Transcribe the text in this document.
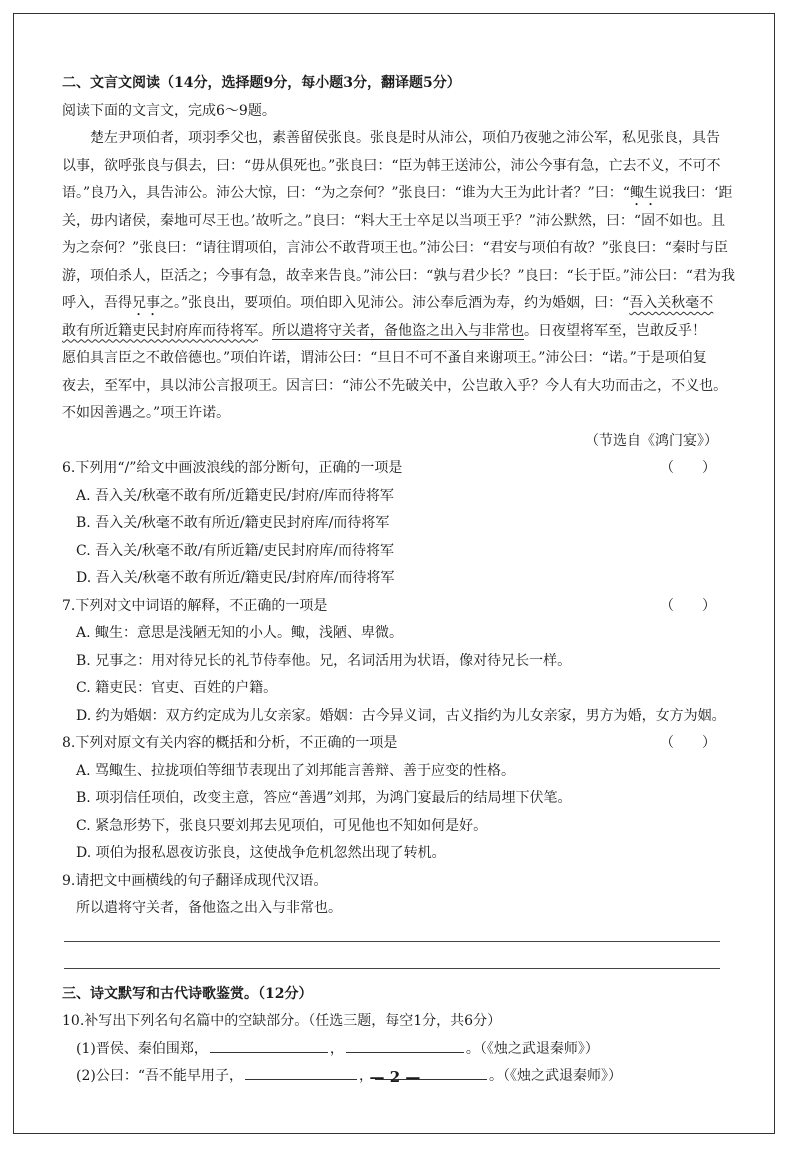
二、文言文阅读（14分，选择题9分，每小题3分，翻译题5分）
阅读下面的文言文，完成6～9题。
楚左尹项伯者，项羽季父也，素善留侯张良。张良是时从沛公，项伯乃夜驰之沛公军，私见张良，具告
以事，欲呼张良与俱去，曰：“毋从俱死也。”张良曰：“臣为韩王送沛公，沛公今事有急，亡去不义，不可不
语。”良乃入，具告沛公。沛公大惊，曰：“为之奈何？”张良曰：“谁为大王为此计者？”曰：“鲰生说我曰：‘距
关，毋内诸侯，秦地可尽王也。’故听之。”良曰：“料大王士卒足以当项王乎？”沛公默然，曰：“固不如也。且
为之奈何？”张良曰：“请往谓项伯，言沛公不敢背项王也。”沛公曰：“君安与项伯有故？”张良曰：“秦时与臣
游，项伯杀人，臣活之；今事有急，故幸来告良。”沛公曰：“孰与君少长？”良曰：“长于臣。”沛公曰：“君为我
呼入，吾得兄事之。”张良出，要项伯。项伯即入见沛公。沛公奉卮酒为寿，约为婚姻，曰：“吾入关秋毫不
敢有所近籍吏民封府库而待将军。所以遣将守关者，备他盗之出入与非常也。日夜望将军至，岂敢反乎！
愿伯具言臣之不敢倍德也。”项伯许诺，谓沛公曰：“旦日不可不蚤自来谢项王。”沛公曰：“诺。”于是项伯复
夜去，至军中，具以沛公言报项王。因言曰：“沛公不先破关中，公岂敢入乎？今人有大功而击之，不义也。
不如因善遇之。”项王许诺。
（节选自《鸿门宴》）
6.下列用“/”给文中画波浪线的部分断句，正确的一项是	（　　）
A. 吾入关/秋毫不敢有所/近籍吏民/封府/库而待将军
B. 吾入关/秋毫不敢有所近/籍吏民封府库/而待将军
C. 吾入关/秋毫不敢/有所近籍/吏民封府库/而待将军
D. 吾入关/秋毫不敢有所近/籍吏民/封府库/而待将军
7.下列对文中词语的解释，不正确的一项是	（　　）
A. 鲰生：意思是浅陋无知的小人。鲰，浅陋、卑微。
B. 兄事之：用对待兄长的礼节侍奉他。兄，名词活用为状语，像对待兄长一样。
C. 籍吏民：官吏、百姓的户籍。
D. 约为婚姻：双方约定成为儿女亲家。婚姻：古今异义词，古义指约为儿女亲家，男方为婚，女方为姻。
8.下列对原文有关内容的概括和分析，不正确的一项是	（　　）
A. 骂鲰生、拉拢项伯等细节表现出了刘邦能言善辩、善于应变的性格。
B. 项羽信任项伯，改变主意，答应“善遇”刘邦，为鸿门宴最后的结局埋下伏笔。
C. 紧急形势下，张良只要刘邦去见项伯，可见他也不知如何是好。
D. 项伯为报私恩夜访张良，这使战争危机忽然出现了转机。
9.请把文中画横线的句子翻译成现代汉语。
所以遣将守关者，备他盗之出入与非常也。
三、诗文默写和古代诗歌鉴赏。（12分）
10.补写出下列名句名篇中的空缺部分。（任选三题，每空1分，共6分）
(1)晋侯、秦伯围郑，	，	。（《烛之武退秦师》）
(2)公曰：“吾不能早用子，	，	。（《烛之武退秦师》）
— 2 —
